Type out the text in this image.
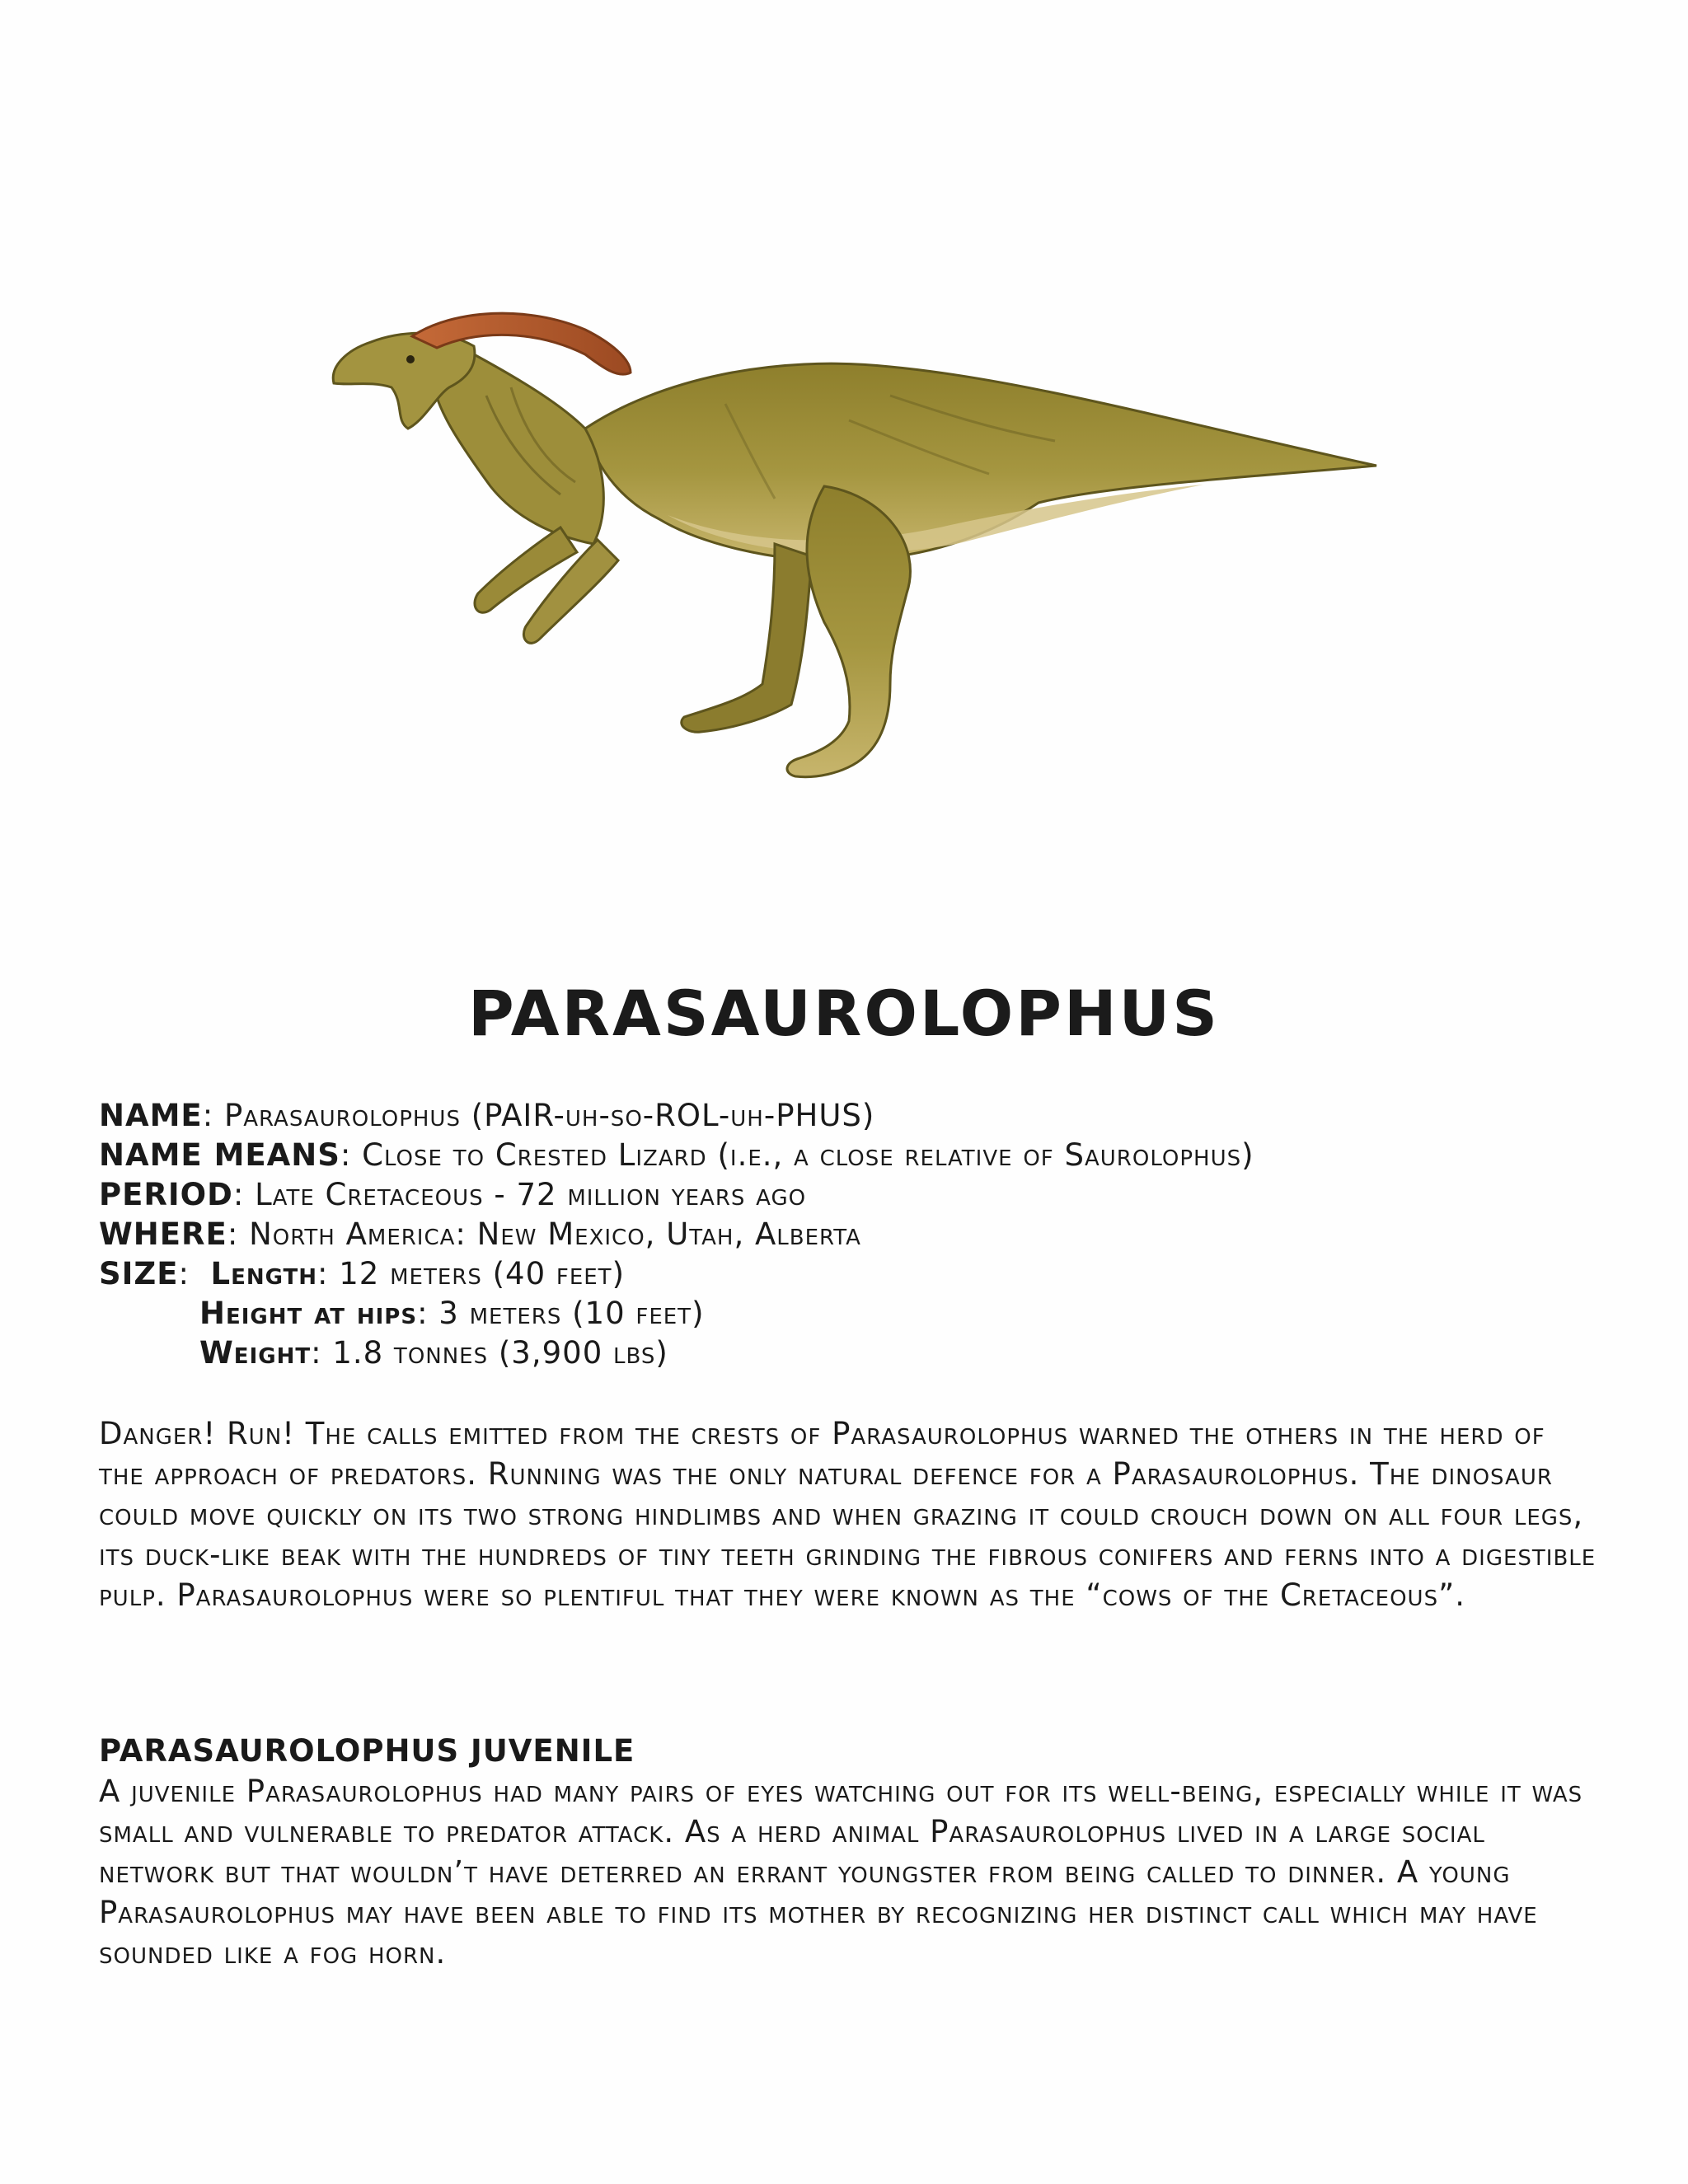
PARASAUROLOPHUS
NAME: Parasaurolophus (PAIR-uh-so-ROL-uh-PHUS)
NAME MEANS: Close to Crested Lizard (i.e., a close relative of Saurolophus)
PERIOD: Late Cretaceous - 72 million years ago
WHERE: North America: New Mexico, Utah, Alberta
SIZE:  Length: 12 meters (40 feet)
Height at hips: 3 meters (10 feet)
Weight: 1.8 tonnes (3,900 lbs)

Danger! Run! The calls emitted from the crests of Parasaurolophus warned the others in the herd of the approach of predators. Running was the only natural defence for a Parasaurolophus. The dinosaur could move quickly on its two strong hindlimbs and when grazing it could crouch down on all four legs, its duck-like beak with the hundreds of tiny teeth grinding the fibrous conifers and ferns into a digestible pulp. Parasaurolophus were so plentiful that they were known as the “cows of the Cretaceous”.

PARASAUROLOPHUS JUVENILE

A juvenile Parasaurolophus had many pairs of eyes watching out for its well-being, especially while it was small and vulnerable to predator attack. As a herd animal Parasaurolophus lived in a large social network but that wouldn’t have deterred an errant youngster from being called to dinner. A young Parasaurolophus may have been able to find its mother by recognizing her distinct call which may have sounded like a fog horn.
